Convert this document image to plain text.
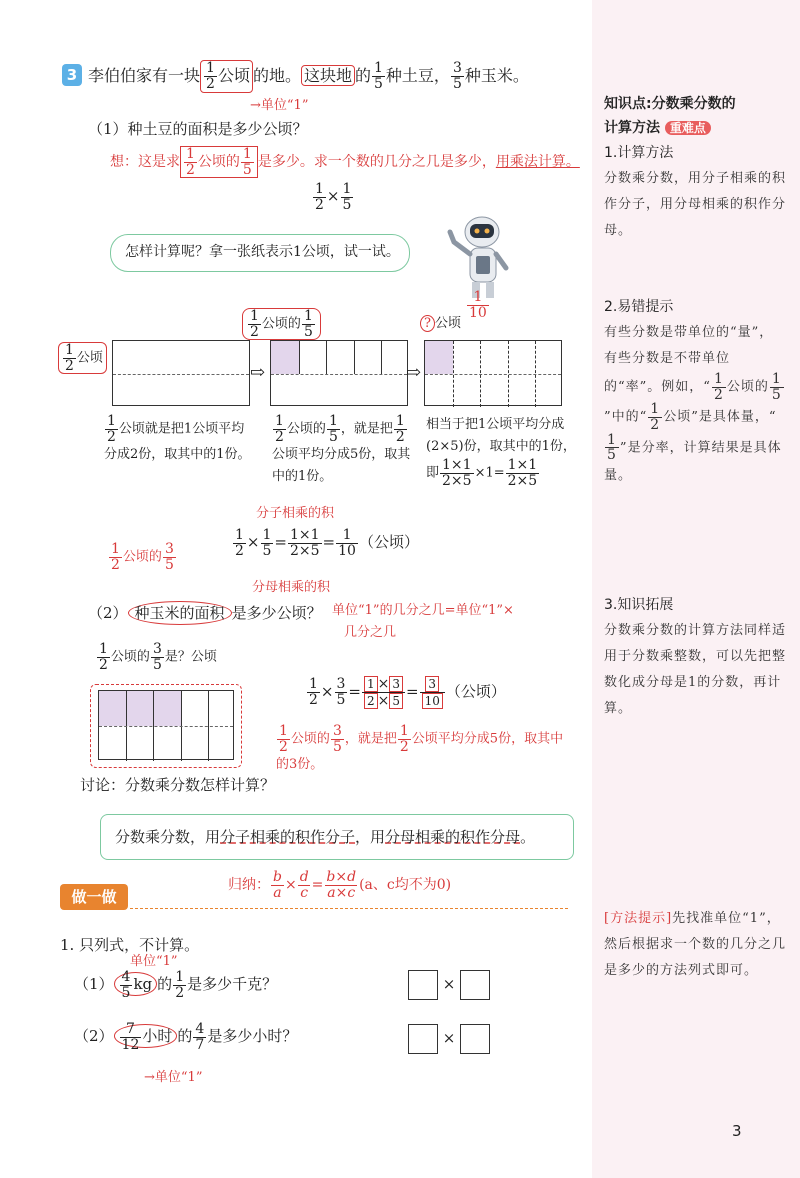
知识点:分数乘分数的
计算方法 重难点
1.计算方法
分数乘分数，用分子相乘的积作分子，用分母相乘的积作分母。
2.易错提示
有些分数是带单位的“量”，有些分数是不带单位的“率”。例如，“ $\frac{1}{2}$ 公顷的 $\frac{1}{5}$
”中的“ $\frac{1}{2}$ 公顷”是具体量，“
$\frac{1}{5}$ ”是分率，计算结果是具体量。
3.知识拓展
分数乘分数的计算方法同样适用于分数乘整数，可以先把整数化成分母是1的分数，再计算。
[方法提示]先找准单位“1”，然后根据求一个数的几分之几是多少的方法列式即可。
3 李伯伯家有一块 $\frac{1}{2}$ 公顷 的地。 这块地 的 $\frac{1}{5}$ 种土豆， $\frac{3}{5}$ 种玉米。
→单位“1”
（1）种土豆的面积是多少公顷？
想：这是求 $\frac{1}{2}$ 公顷的 $\frac{1}{5}$ 是多少。求一个数的几分之几是多少，用乘法计算。
$\frac{1}{2} \times \frac{1}{5}$
怎样计算呢？拿一张纸表示1公顷，试一试。
$\frac{1}{10}$
$\frac{1}{2}$ 公顷的 $\frac{1}{5}$	? 公顷
$\frac{1}{2}$ 公顷
⇨	⇨
$\frac{1}{2}$ 公顷就是把1公顷平均分成2份，取其中的1份。
$\frac{1}{2}$ 公顷的 $\frac{1}{5}$ ，就是把 $\frac{1}{2}$
公顷平均分成5份，取其中的1份。
相当于把1公顷平均分成(2×5)份，取其中的1份，即 $\frac{1\times 1}{2\times 5} \times 1= \frac{1\times 1}{2\times 5}$
分子相乘的积
$\frac{1}{2}$ 公顷的 $\frac{3}{5}$	$\frac{1}{2} \times \frac{1}{5} = \frac{1\times 1}{2\times 5} = \frac{1}{10}$ （公顷）
分母相乘的积
（2） 种玉米的面积 是多少公顷？ 单位“1”的几分之几=单位“1”×
几分之几
$\frac{1}{2}$ 公顷的 $\frac{3}{5}$ 是？公顷
$\frac{1}{2} \times \frac{3}{5} = \frac{1 \times 3}{2 \times 5} = \frac{3}{10}$ （公顷）
$\frac{1}{2}$ 公顷的 $\frac{3}{5}$ ，就是把 $\frac{1}{2}$ 公顷平均分成5份，取其中的3份。
讨论：分数乘分数怎样计算？
分数乘分数，用分子相乘的积作分子，用分母相乘的积作分母。
归纳： $\frac{b}{a} \times \frac{d}{c} = \frac{b\times d}{a\times c} (a$、c均不为0)
做一做
1. 只列式，不计算。
单位“1”
$(1) \frac{4}{5}$ kg 的 $\frac{1}{2}$ 是多少千克？	×
$(2) \frac{7}{12}$ 小时 的 $\frac{4}{7}$ 是多少小时？	×
→单位“1”
3
